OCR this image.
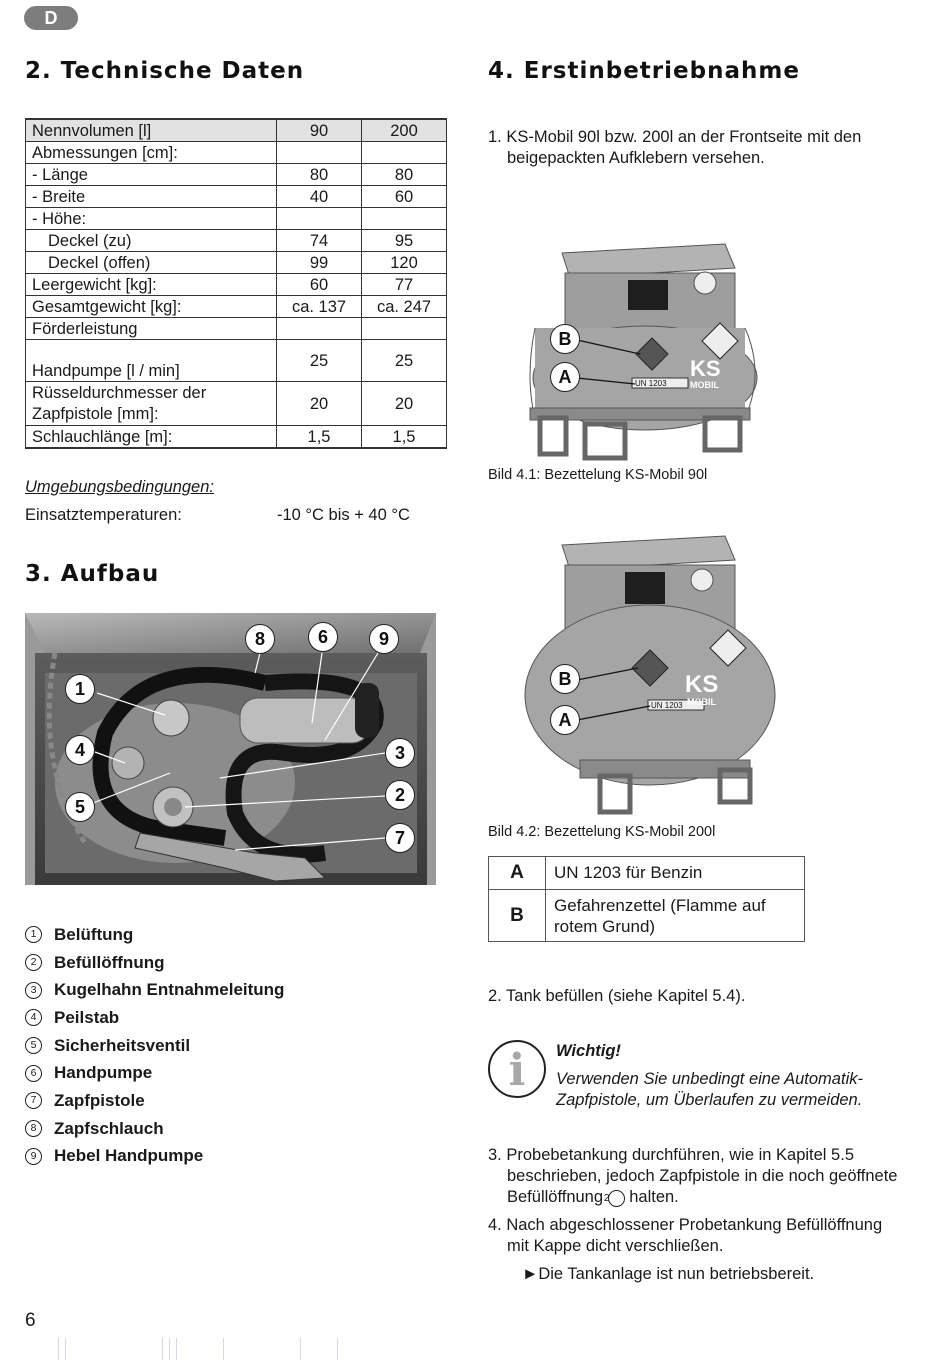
D
2. Technische Daten
Nennvolumen [l]	90	200
Abmessungen [cm]:		
- Länge	80	80
- Breite	40	60
- Höhe:		
Deckel (zu)	74	95
Deckel (offen)	99	120
Leergewicht [kg]:	60	77
Gesamtgewicht [kg]:	ca. 137	ca. 247
Förderleistung		
Handpumpe [l / min]	25	25
Rüsseldurchmesser der Zapfpistole [mm]:	20	20
Schlauchlänge [m]:	1,5	1,5
Umgebungsbedingungen:
Einsatztemperaturen:	-10 °C bis + 40 °C
3. Aufbau
8	6	9
1
4	3
2
5
7
1	Belüftung
2	Befüllöffnung
3	Kugelhahn Entnahmeleitung
4	Peilstab
5	Sicherheitsventil
6	Handpumpe
7	Zapfpistole
8	Zapfschlauch
9	Hebel Handpumpe
4. Erstinbetriebnahme
1. KS-Mobil 90l bzw. 200l an der Frontseite mit den beigepackten Aufklebern versehen.
UN 1203
KS
MOBIL
B
A
Bild 4.1: Bezettelung KS-Mobil 90l
UN 1203
KS
MOBIL
B
A
Bild 4.2: Bezettelung KS-Mobil 200l
A	UN 1203 für Benzin
B	Gefahrenzettel (Flamme auf rotem Grund)
2. Tank befüllen (siehe Kapitel 5.4).
i	Wichtig!
Verwenden Sie unbedingt eine Automatik-Zapfpistole, um Überlaufen zu vermeiden.
3. Probebetankung durchführen, wie in Kapitel 5.5 beschrieben, jedoch Zapfpistole in die noch geöffnete Befüllöffnung 2 halten.
4. Nach abgeschlossener Probetankung Befüllöffnung mit Kappe dicht verschließen.
►Die Tankanlage ist nun betriebsbereit.
6
